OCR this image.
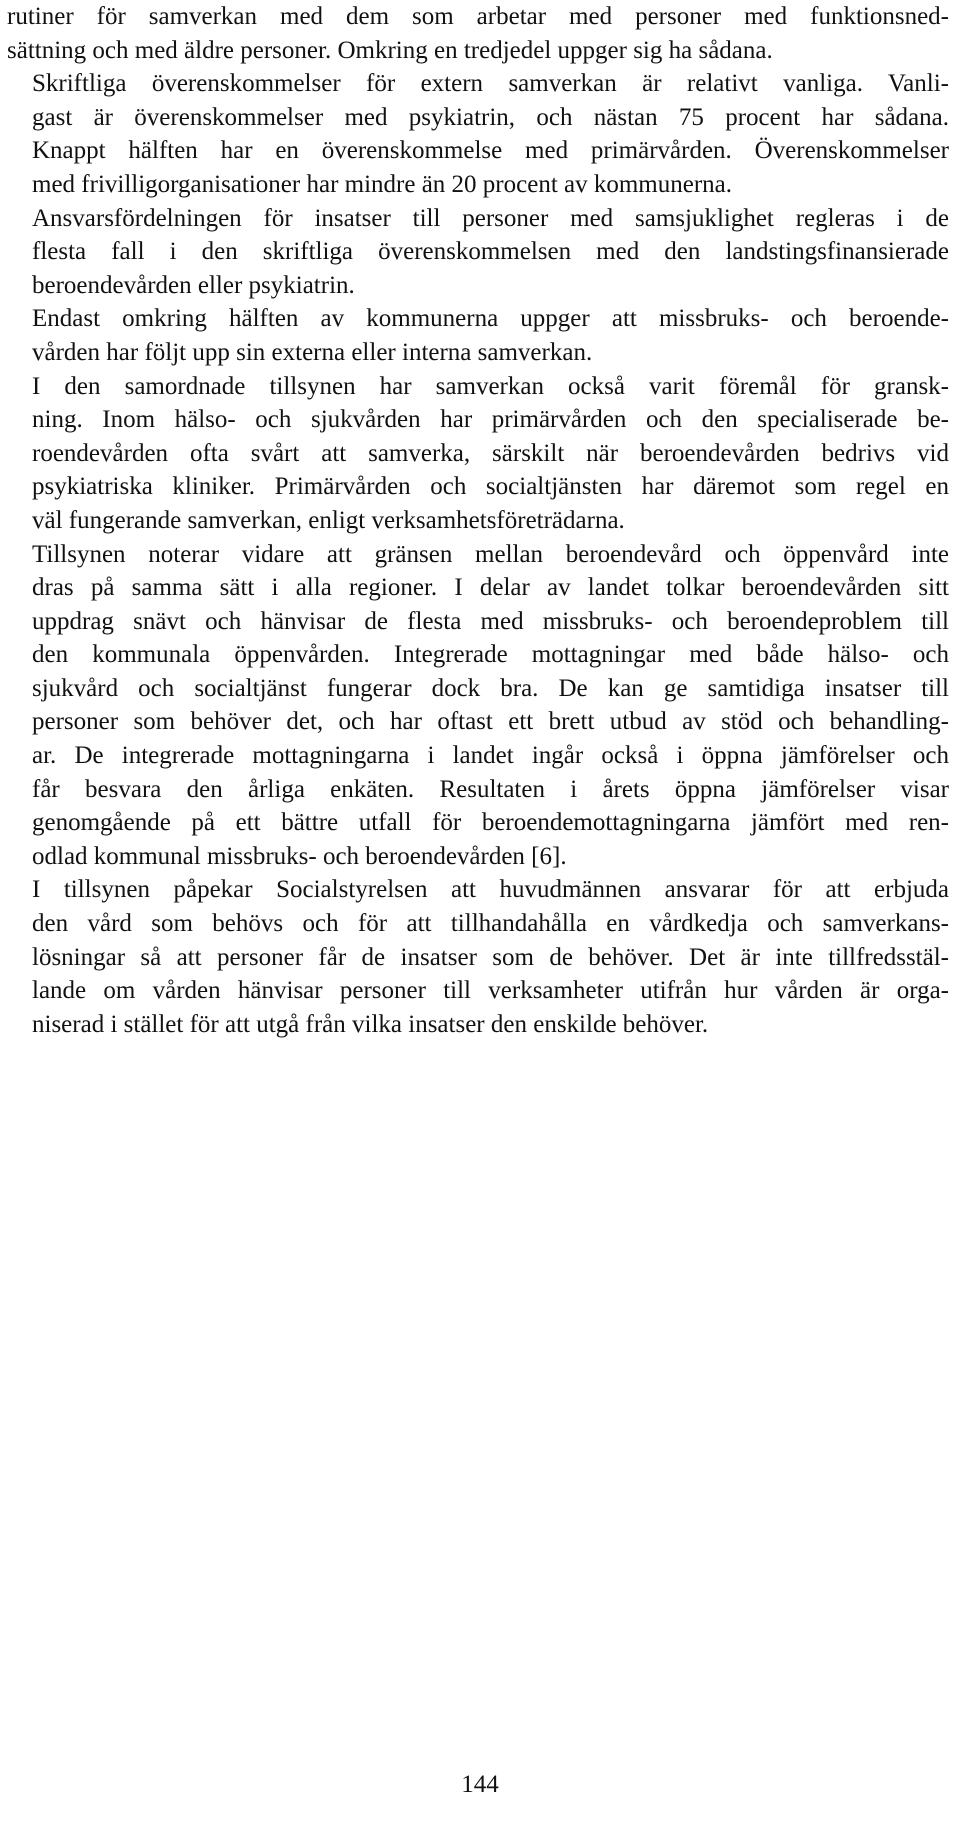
rutiner för samverkan med dem som arbetar med personer med funktionsned-
sättning och med äldre personer. Omkring en tredjedel uppger sig ha sådana.

Skriftliga överenskommelser för extern samverkan är relativt vanliga. Vanli-
gast är överenskommelser med psykiatrin, och nästan 75 procent har sådana.
Knappt hälften har en överenskommelse med primärvården. Överenskommelser
med frivilligorganisationer har mindre än 20 procent av kommunerna.

Ansvarsfördelningen för insatser till personer med samsjuklighet regleras i de
flesta fall i den skriftliga överenskommelsen med den landstingsfinansierade
beroendevården eller psykiatrin.

Endast omkring hälften av kommunerna uppger att missbruks- och beroende-
vården har följt upp sin externa eller interna samverkan.

I den samordnade tillsynen har samverkan också varit föremål för gransk-
ning. Inom hälso- och sjukvården har primärvården och den specialiserade be-
roendevården ofta svårt att samverka, särskilt när beroendevården bedrivs vid
psykiatriska kliniker. Primärvården och socialtjänsten har däremot som regel en
väl fungerande samverkan, enligt verksamhetsföreträdarna.

Tillsynen noterar vidare att gränsen mellan beroendevård och öppenvård inte
dras på samma sätt i alla regioner. I delar av landet tolkar beroendevården sitt
uppdrag snävt och hänvisar de flesta med missbruks- och beroendeproblem till
den kommunala öppenvården. Integrerade mottagningar med både hälso- och
sjukvård och socialtjänst fungerar dock bra. De kan ge samtidiga insatser till
personer som behöver det, och har oftast ett brett utbud av stöd och behandling-
ar. De integrerade mottagningarna i landet ingår också i öppna jämförelser och
får besvara den årliga enkäten. Resultaten i årets öppna jämförelser visar
genomgående på ett bättre utfall för beroendemottagningarna jämfört med ren-
odlad kommunal missbruks- och beroendevården [6].

I tillsynen påpekar Socialstyrelsen att huvudmännen ansvarar för att erbjuda
den vård som behövs och för att tillhandahålla en vårdkedja och samverkans-
lösningar så att personer får de insatser som de behöver. Det är inte tillfredsstäl-
lande om vården hänvisar personer till verksamheter utifrån hur vården är orga-
niserad i stället för att utgå från vilka insatser den enskilde behöver.

144
